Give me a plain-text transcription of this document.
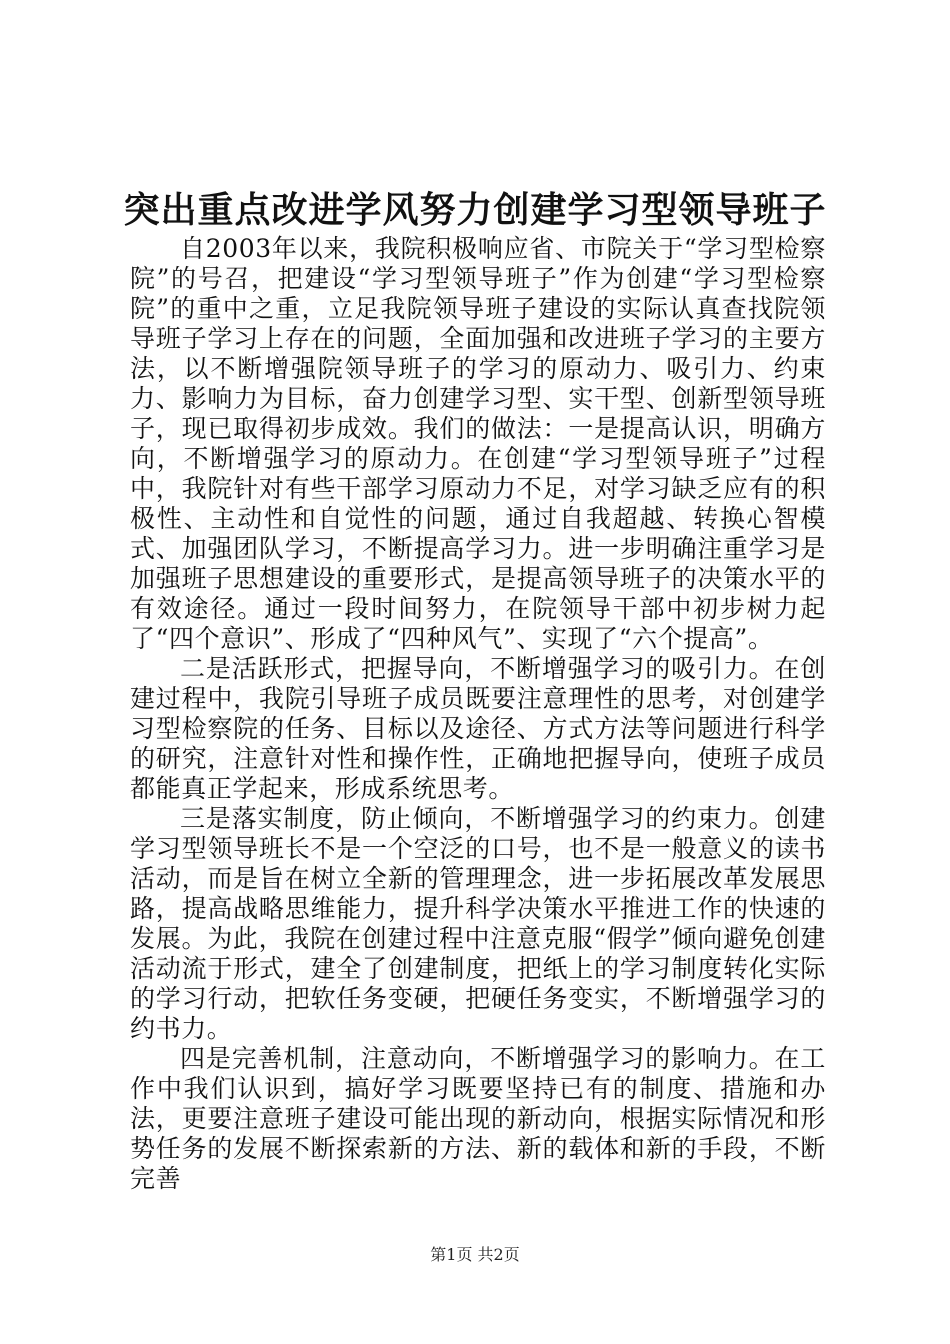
突出重点改进学风努力创建学习型领导班子

自2003年以来，我院积极响应省、市院关于“学习型检察院”的号召，把建设“学习型领导班子”作为创建“学习型检察院”的重中之重，立足我院领导班子建设的实际认真查找院领导班子学习上存在的问题，全面加强和改进班子学习的主要方法，以不断增强院领导班子的学习的原动力、吸引力、约束力、影响力为目标，奋力创建学习型、实干型、创新型领导班子，现已取得初步成效。我们的做法：一是提高认识，明确方向，不断增强学习的原动力。在创建“学习型领导班子”过程中，我院针对有些干部学习原动力不足，对学习缺乏应有的积极性、主动性和自觉性的问题，通过自我超越、转换心智模式、加强团队学习，不断提高学习力。进一步明确注重学习是加强班子思想建设的重要形式，是提高领导班子的决策水平的有效途径。通过一段时间努力，在院领导干部中初步树力起了“四个意识”、形成了“四种风气”、实现了“六个提高”。

二是活跃形式，把握导向，不断增强学习的吸引力。在创建过程中，我院引导班子成员既要注意理性的思考，对创建学习型检察院的任务、目标以及途径、方式方法等问题进行科学的研究，注意针对性和操作性，正确地把握导向，使班子成员都能真正学起来，形成系统思考。

三是落实制度，防止倾向，不断增强学习的约束力。创建学习型领导班长不是一个空泛的口号，也不是一般意义的读书活动，而是旨在树立全新的管理理念，进一步拓展改革发展思路，提高战略思维能力，提升科学决策水平推进工作的快速的发展。为此，我院在创建过程中注意克服“假学”倾向避免创建活动流于形式，建全了创建制度，把纸上的学习制度转化实际的学习行动，把软任务变硬，把硬任务变实，不断增强学习的约书力。

四是完善机制，注意动向，不断增强学习的影响力。在工作中我们认识到，搞好学习既要坚持已有的制度、措施和办法，更要注意班子建设可能出现的新动向，根据实际情况和形势任务的发展不断探索新的方法、新的载体和新的手段，不断完善

第1页 共2页
